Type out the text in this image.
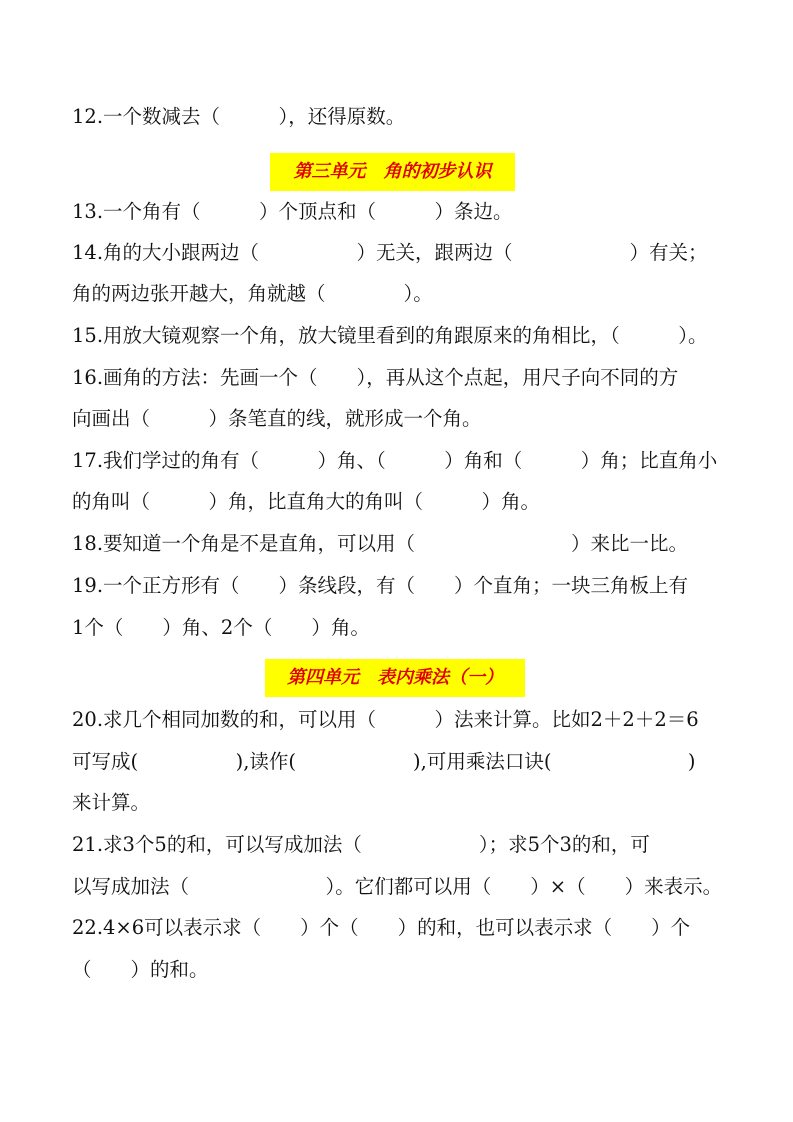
12.一个数减去（　　　），还得原数。
第三单元　角的初步认识
13.一个角有（　　　）个顶点和（　　　）条边。
14.角的大小跟两边（　　　　　）无关，跟两边（　　　　　　）有关；
角的两边张开越大，角就越（　　　　）。
15.用放大镜观察一个角，放大镜里看到的角跟原来的角相比，（　　　）。
16.画角的方法：先画一个（　　），再从这个点起，用尺子向不同的方
向画出（　　　）条笔直的线，就形成一个角。
17.我们学过的角有（　　　）角、（　　　）角和（　　　）角；比直角小
的角叫（　　　）角，比直角大的角叫（　　　）角。
18.要知道一个角是不是直角，可以用（　　　　　　　　）来比一比。
19.一个正方形有（　　）条线段，有（　　）个直角；一块三角板上有
1个（　　）角、2个（　　）角。
第四单元　表内乘法（一）
20.求几个相同加数的和，可以用（　　　）法来计算。比如2＋2＋2＝6
可写成(　　　　　),读作(　　　　　　),可用乘法口诀(　　　　　　　)
来计算。
21.求3个5的和，可以写成加法（　　　　　　）；求5个3的和，可
以写成加法（　　　　　　　）。它们都可以用（　　）×（　　）来表示。
22.4×6可以表示求（　　）个（　　）的和，也可以表示求（　　）个
（　　）的和。
